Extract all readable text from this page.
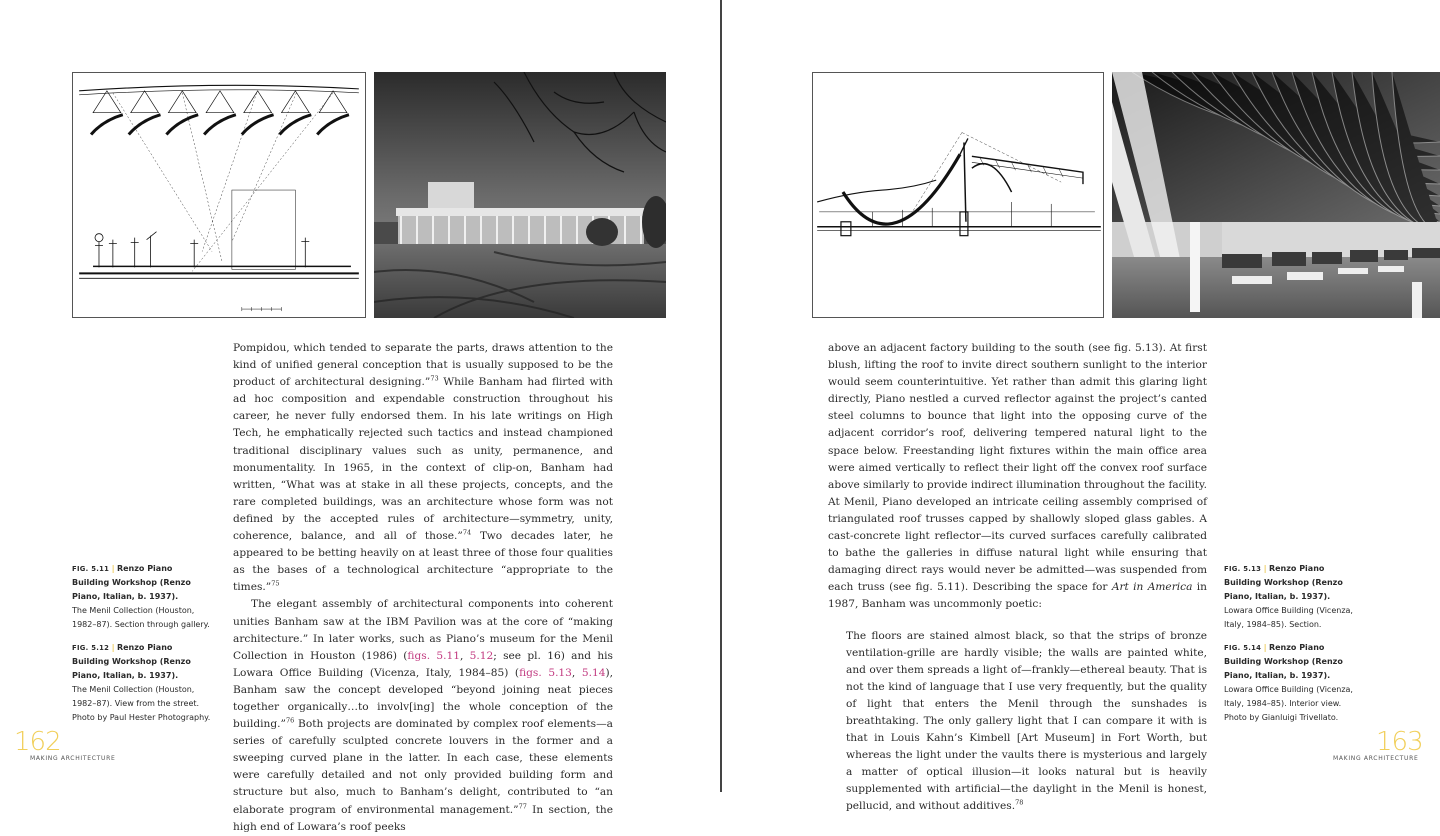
Pompidou, which tended to separate the parts, draws attention to the kind of unified general conception that is usually supposed to be the product of architectural designing.”$^{73}$ While Banham had flirted with ad hoc composition and expendable construction throughout his career, he never fully endorsed them. In his late writings on High Tech, he emphatically rejected such tactics and instead championed traditional disciplinary values such as unity, permanence, and monumentality. In 1965, in the context of clip-on, Banham had written, “What was at stake in all these projects, concepts, and the rare completed buildings, was an architecture whose form was not defined by the accepted rules of architecture—symmetry, unity, coherence, balance, and all of those.”$^{74}$ Two decades later, he appeared to be betting heavily on at least three of those four qualities as the bases of a technological architecture “appropriate to the times.”$^{75}$

The elegant assembly of architectural components into coherent unities Banham saw at the IBM Pavilion was at the core of “making architecture.” In later works, such as Piano’s museum for the Menil Collection in Houston (1986) (figs. 5.11, 5.12; see pl. 16) and his Lowara Office Building (Vicenza, Italy, 1984–85) (figs. 5.13, 5.14), Banham saw the concept developed “beyond joining neat pieces together organically…to involv[ing] the whole conception of the building.”$^{76}$ Both projects are dominated by complex roof elements—a series of carefully sculpted concrete louvers in the former and a sweeping curved plane in the latter. In each case, these elements were carefully detailed and not only provided building form and structure but also, much to Banham’s delight, contributed to “an elaborate program of environmental management.”$^{77}$ In section, the high end of Lowara’s roof peeks

FIG. 5.11 | Renzo Piano Building Workshop (Renzo Piano, Italian, b. 1937).
The Menil Collection (Houston, 1982–87). Section through gallery.
FIG. 5.12 | Renzo Piano Building Workshop (Renzo Piano, Italian, b. 1937).
The Menil Collection (Houston, 1982–87). View from the street. Photo by Paul Hester Photography.
162
MAKING ARCHITECTURE

above an adjacent factory building to the south (see fig. 5.13). At first blush, lifting the roof to invite direct southern sunlight to the interior would seem counterintuitive. Yet rather than admit this glaring light directly, Piano nestled a curved reflector against the project’s canted steel columns to bounce that light into the opposing curve of the adjacent corridor’s roof, delivering tempered natural light to the space below. Freestanding light fixtures within the main office area were aimed vertically to reflect their light off the convex roof surface above similarly to provide indirect illumination throughout the facility. At Menil, Piano developed an intricate ceiling assembly comprised of triangulated roof trusses capped by shallowly sloped glass gables. A cast-concrete light reflector—its curved surfaces carefully calibrated to bathe the galleries in diffuse natural light while ensuring that damaging direct rays would never be admitted—was suspended from each truss (see fig. 5.11). Describing the space for Art in America in 1987, Banham was uncommonly poetic:

The floors are stained almost black, so that the strips of bronze ventilation-grille are hardly visible; the walls are painted white, and over them spreads a light of—frankly—ethereal beauty. That is not the kind of language that I use very frequently, but the quality of light that enters the Menil through the sunshades is breathtaking. The only gallery light that I can compare it with is that in Louis Kahn’s Kimbell [Art Museum] in Fort Worth, but whereas the light under the vaults there is mysterious and largely a matter of optical illusion—it looks natural but is heavily supplemented with artificial—the daylight in the Menil is honest, pellucid, and without additives.$^{78}$

FIG. 5.13 | Renzo Piano Building Workshop (Renzo Piano, Italian, b. 1937).
Lowara Office Building (Vicenza, Italy, 1984–85). Section.
FIG. 5.14 | Renzo Piano Building Workshop (Renzo Piano, Italian, b. 1937).
Lowara Office Building (Vicenza, Italy, 1984–85). Interior view. Photo by Gianluigi Trivellato.
163
MAKING ARCHITECTURE
